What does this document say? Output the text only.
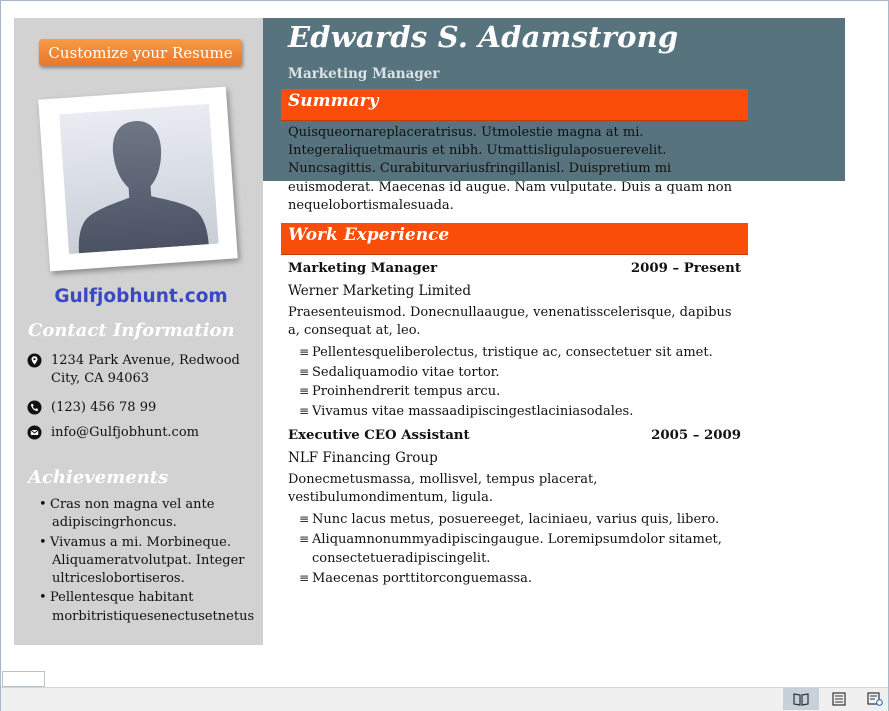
Customize your Resume
Gulfjobhunt.com
Contact Information
1234 Park Avenue, Redwood
City, CA 94063
(123) 456 78 99
info@Gulfjobhunt.com
Achievements
• Cras non magna vel ante
adipiscingrhoncus.
• Vivamus a mi. Morbineque.
Aliquameratvolutpat. Integer
ultriceslobortiseros.
• Pellentesque habitant
morbitristiquesenectusetnetus
Edwards S. Adamstrong
Marketing Manager
Summary
Quisqueornareplaceratrisus. Utmolestie magna at mi. Integeraliquetmauris et nibh. Utmattisligulaposuerevelit. Nuncsagittis. Curabiturvariusfringillanisl. Duispretium mi euismoderat. Maecenas id augue. Nam vulputate. Duis a quam non nequelobortismalesuada.
Work Experience
Marketing Manager	2009 – Present
Werner Marketing Limited
Praesenteuismod. Donecnullaaugue, venenatisscelerisque, dapibus a, consequat at, leo.
≡ Pellentesqueliberolectus, tristique ac, consectetuer sit amet.
≡ Sedaliquamodio vitae tortor.
≡ Proinhendrerit tempus arcu.
≡ Vivamus vitae massaadipiscingestlaciniasodales.
Executive CEO Assistant	2005 – 2009
NLF Financing Group
Donecmetusmassa, mollisvel, tempus placerat, vestibulumondimentum, ligula.
≡ Nunc lacus metus, posuereeget, laciniaeu, varius quis, libero.
≡ Aliquamnonummyadipiscingaugue. Loremipsumdolor sitamet, consectetueradipiscingelit.
≡ Maecenas porttitorconguemassa.
